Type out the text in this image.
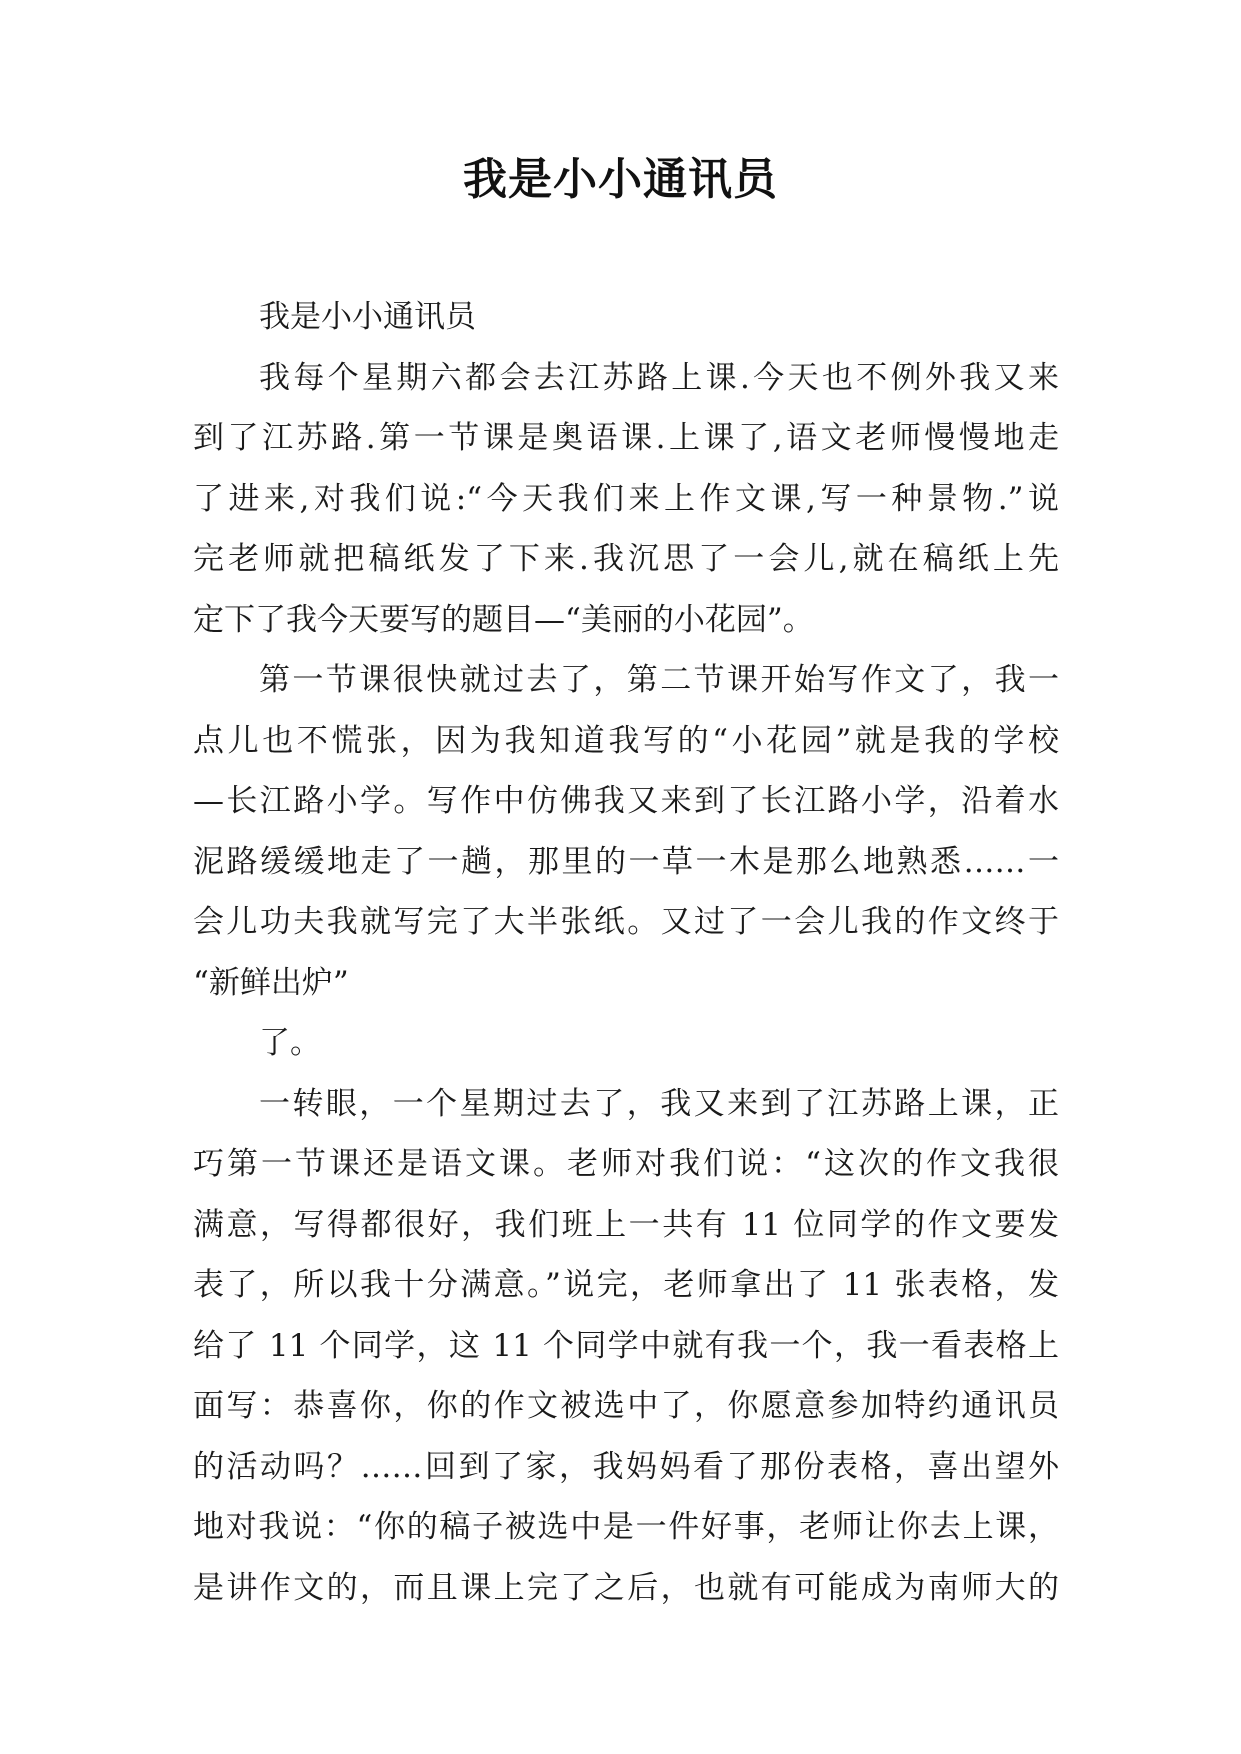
我是小小通讯员
我是小小通讯员
我每个星期六都会去江苏路上课.今天也不例外我又来
到了江苏路.第一节课是奥语课.上课了,语文老师慢慢地走
了进来,对我们说:“今天我们来上作文课,写一种景物.”说
完老师就把稿纸发了下来.我沉思了一会儿,就在稿纸上先
定下了我今天要写的题目—“美丽的小花园”。
第一节课很快就过去了，第二节课开始写作文了，我一
点儿也不慌张，因为我知道我写的“小花园”就是我的学校
—长江路小学。写作中仿佛我又来到了长江路小学，沿着水
泥路缓缓地走了一趟，那里的一草一木是那么地熟悉……一
会儿功夫我就写完了大半张纸。又过了一会儿我的作文终于
“新鲜出炉”
了。
一转眼，一个星期过去了，我又来到了江苏路上课，正
巧第一节课还是语文课。老师对我们说：“这次的作文我很
满意，写得都很好，我们班上一共有 11 位同学的作文要发
表了，所以我十分满意。”说完，老师拿出了 11 张表格，发
给了 11 个同学，这 11 个同学中就有我一个，我一看表格上
面写：恭喜你，你的作文被选中了，你愿意参加特约通讯员
的活动吗？……回到了家，我妈妈看了那份表格，喜出望外
地对我说：“你的稿子被选中是一件好事，老师让你去上课，
是讲作文的，而且课上完了之后，也就有可能成为南师大的
